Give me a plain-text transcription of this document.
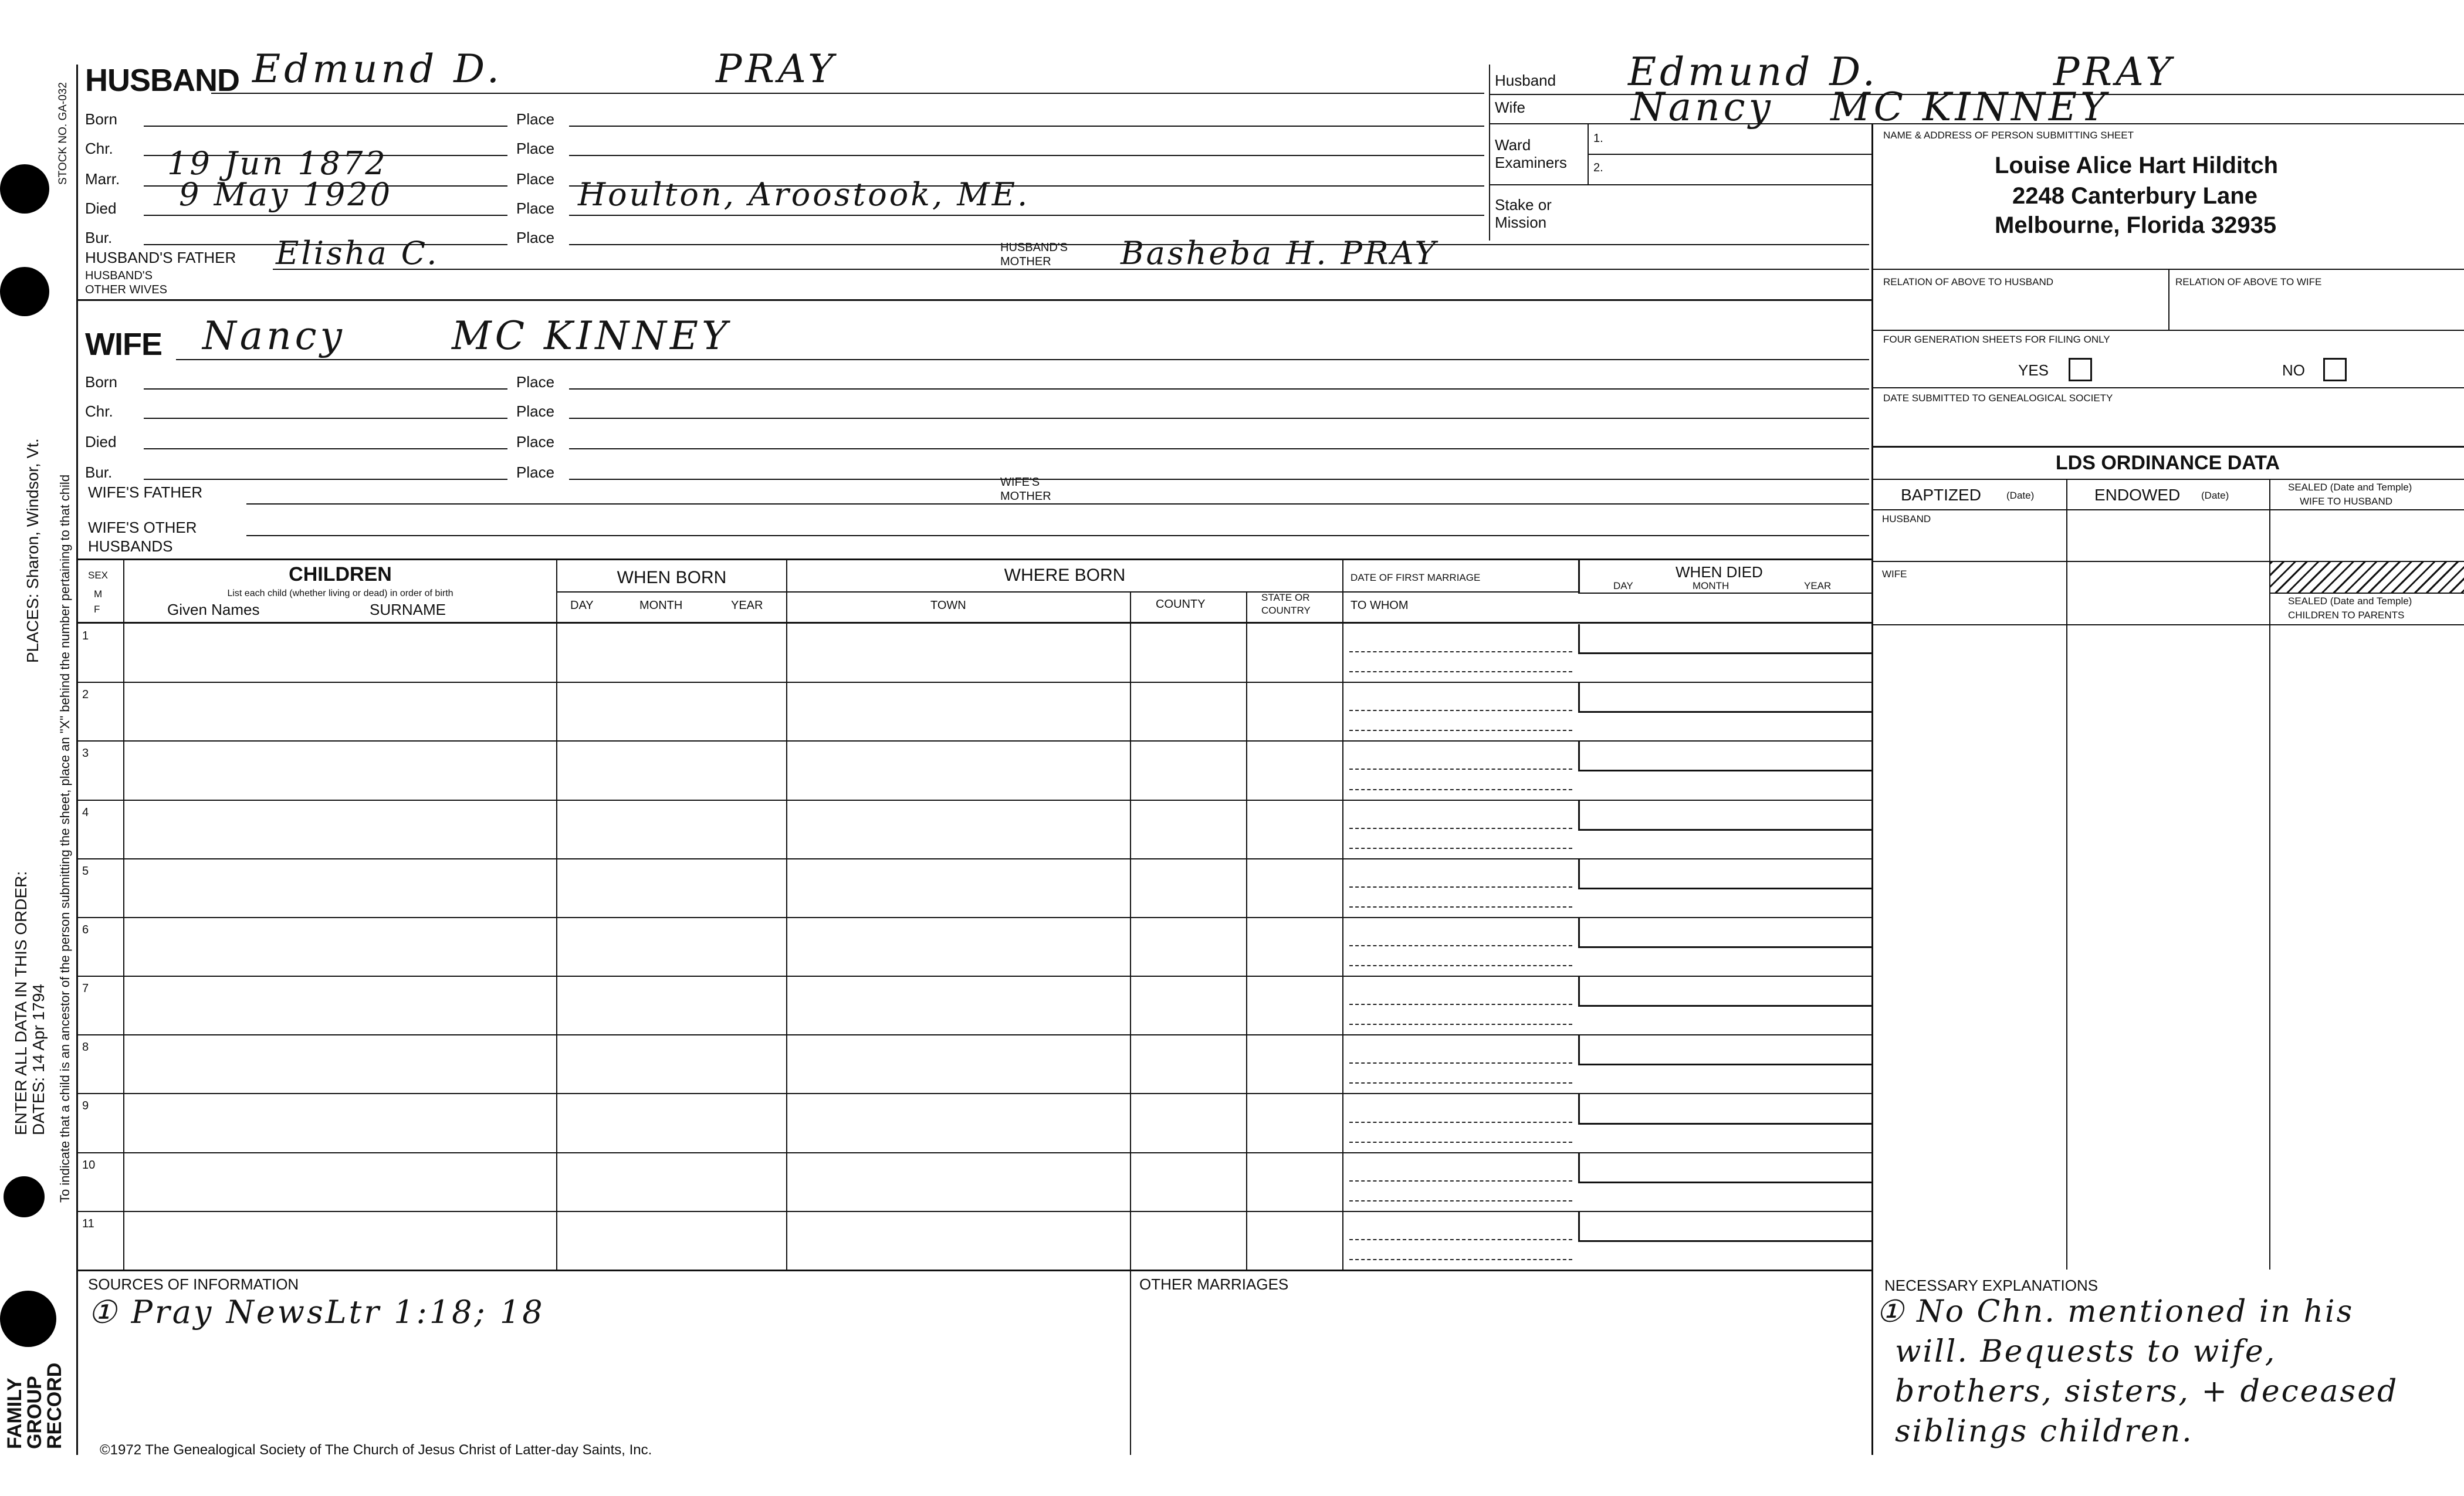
STOCK NO. GA-032
To indicate that a child is an ancestor of the person submitting the sheet, place an "X" behind the number pertaining to that child
PLACES: Sharon, Windsor, Vt.
ENTER ALL DATA IN THIS ORDER: DATES: 14 Apr 1794
FAMILY
GROUP
RECORD
HUSBAND Edmund D.	PRAY
Born	Place
Chr.	Place
Marr. 19 Jun 1872	Place
Died 9 May 1920	Place Houlton, Aroostook, ME.
Bur.	Place
HUSBAND'S FATHER Elisha C.	HUSBAND'S
MOTHER Basheba H. PRAY
HUSBAND'S
OTHER WIVES
WIFE Nancy	MC KINNEY
Born	Place
Chr.	Place
Died	Place
Bur.	Place
WIFE'S FATHER
WIFE'S
MOTHER
WIFE'S OTHER
HUSBANDS
Husband Edmund D.	PRAY
Wife	Nancy MC KINNEY
Ward
Examiners
1.
2.
Stake or
Mission
NAME & ADDRESS OF PERSON SUBMITTING SHEET
Louise Alice Hart Hilditch
2248 Canterbury Lane
Melbourne, Florida 32935
RELATION OF ABOVE TO HUSBAND	RELATION OF ABOVE TO WIFE
FOUR GENERATION SHEETS FOR FILING ONLY
YES	NO
DATE SUBMITTED TO GENEALOGICAL SOCIETY
LDS ORDINANCE DATA
BAPTIZED	(Date)	ENDOWED (Date)
SEALED (Date and Temple)
WIFE TO HUSBAND
HUSBAND
WIFE
SEALED (Date and Temple)
CHILDREN TO PARENTS
SEX
M
F
CHILDREN
List each child (whether living or dead) in order of birth
Given Names	SURNAME
WHEN BORN
DAY	MONTH	YEAR
WHERE BORN
TOWN	COUNTY
STATE OR
COUNTRY
DATE OF FIRST MARRIAGE
TO WHOM
WHEN DIED
DAY	MONTH	YEAR
1
2
3
4
5
6
7
8
9
10
11
SOURCES OF INFORMATION
① Pray NewsLtr 1:18; 18
OTHER MARRIAGES	NECESSARY EXPLANATIONS
① No Chn. mentioned in his
will. Bequests to wife,
brothers, sisters, + deceased
siblings children.
©1972 The Genealogical Society of The Church of Jesus Christ of Latter-day Saints, Inc.
